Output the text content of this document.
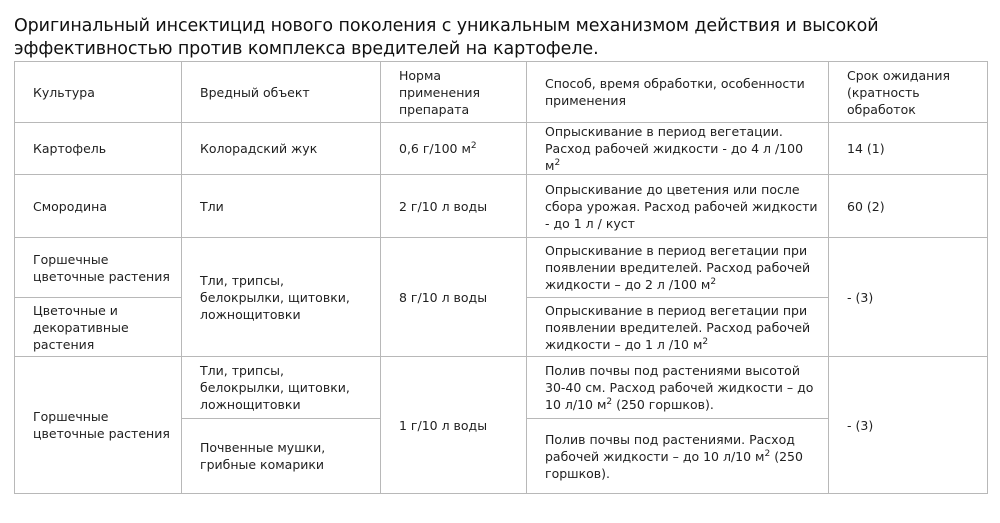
Оригинальный инсектицид нового поколения с уникальным механизмом действия и высокой эффективностью против комплекса вредителей на картофеле.
Культура	Вредный объект	Норма применения препарата	Способ, время обработки, особенности применения	Срок ожидания (кратность обработок
Картофель	Колорадский жук	0,6 г/100 $м^2$	Опрыскивание в период вегетации. Расход рабочей жидкости - до 4 л /100 $м^2$	14 (1)
Смородина	Тли	2 г/10 л воды	Опрыскивание до цветения или после сбора урожая. Расход рабочей жидкости - до 1 л / куст	60 (2)
Горшечные цветочные растения	Тли, трипсы, белокрылки, щитовки, ложнощитовки	8 г/10 л воды	Опрыскивание в период вегетации при появлении вредителей. Расход рабочей жидкости – до 2 л /100 $м^2$	- (3)
Цветочные и декоративные растения			Опрыскивание в период вегетации при появлении вредителей. Расход рабочей жидкости – до 1 л /10 $м^2$
Горшечные цветочные растения	Тли, трипсы, белокрылки, щитовки, ложнощитовки	1 г/10 л воды	Полив почвы под растениями высотой 30-40 см. Расход рабочей жидкости – до 10 л/10 $м^2$ (250 горшков).	- (3)
	Почвенные мушки, грибные комарики		Полив почвы под растениями. Расход рабочей жидкости – до 10 л/10 $м^2$ (250 горшков).	
